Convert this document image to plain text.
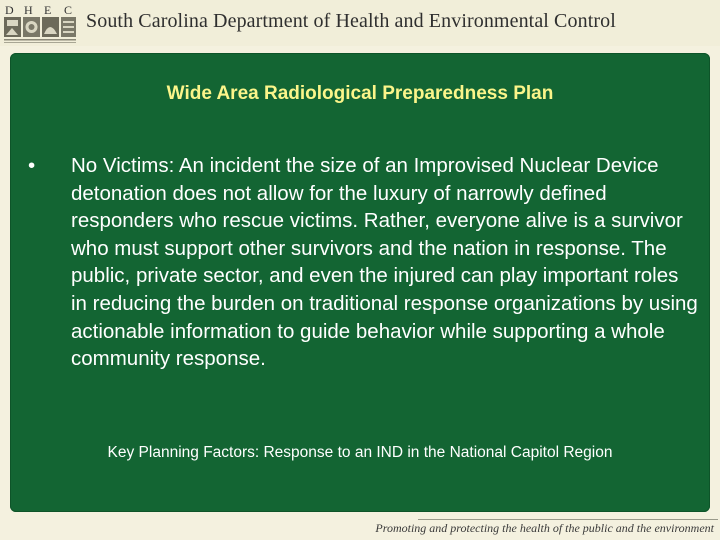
D H E C South Carolina Department of Health and Environmental Control
Wide Area Radiological Preparedness Plan
•	No Victims: An incident the size of an Improvised Nuclear Device detonation does not allow for the luxury of narrowly defined responders who rescue victims. Rather, everyone alive is a survivor who must support other survivors and the nation in response. The public, private sector, and even the injured can play important roles in reducing the burden on traditional response organizations by using actionable information to guide behavior while supporting a whole community response.
Key Planning Factors: Response to an IND in the National Capitol Region
Promoting and protecting the health of the public and the environment
